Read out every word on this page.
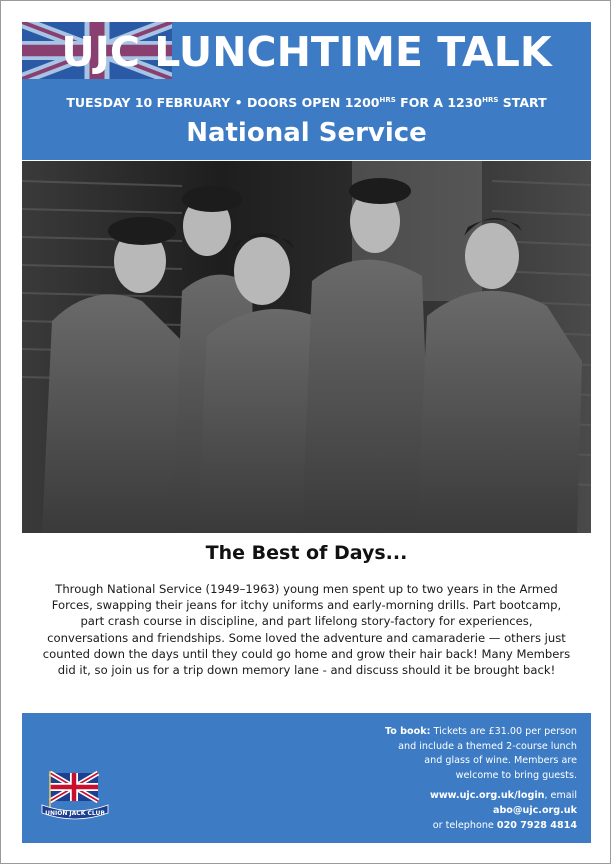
UJC LUNCHTIME TALK
TUESDAY 10 FEBRUARY • DOORS OPEN $1200^{HRS}$ FOR A $1230^{HRS}$ START
National Service
The Best of Days...
Through National Service (1949–1963) young men spent up to two years in the Armed Forces, swapping their jeans for itchy uniforms and early-morning drills. Part bootcamp, part crash course in discipline, and part lifelong story-factory for experiences, conversations and friendships. Some loved the adventure and camaraderie — others just counted down the days until they could go home and grow their hair back! Many Members did it, so join us for a trip down memory lane - and discuss should it be brought back!
UNION JACK CLUB
To book: Tickets are £31.00 per person
and include a themed 2-course lunch
and glass of wine. Members are
welcome to bring guests.
www.ujc.org.uk/login, email
abo@ujc.org.uk
or telephone 020 7928 4814
